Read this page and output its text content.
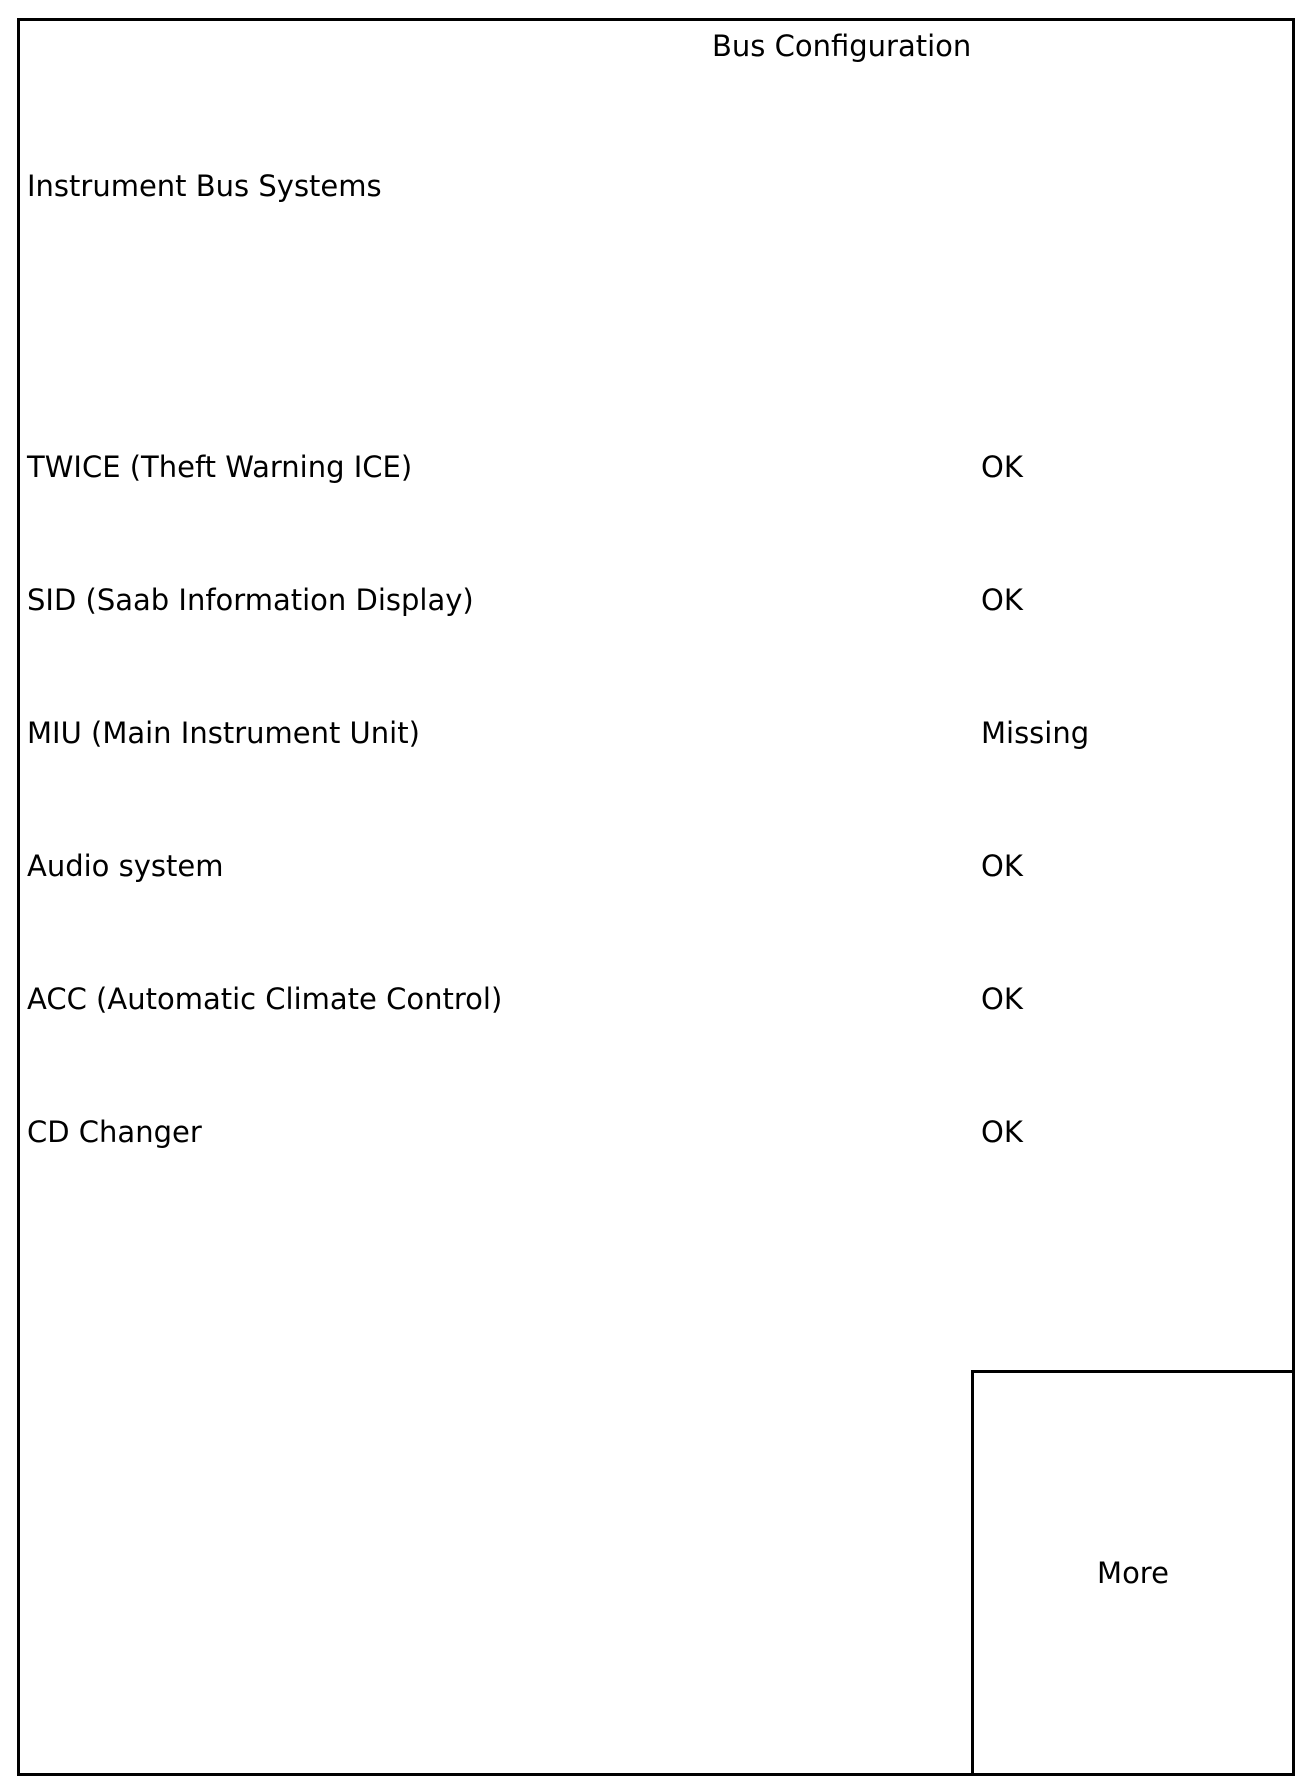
Bus Configuration
Instrument Bus Systems
TWICE (Theft Warning ICE)	OK
SID (Saab Information Display)	OK
MIU (Main Instrument Unit)	Missing
Audio system	OK
ACC (Automatic Climate Control)	OK
CD Changer	OK
More
